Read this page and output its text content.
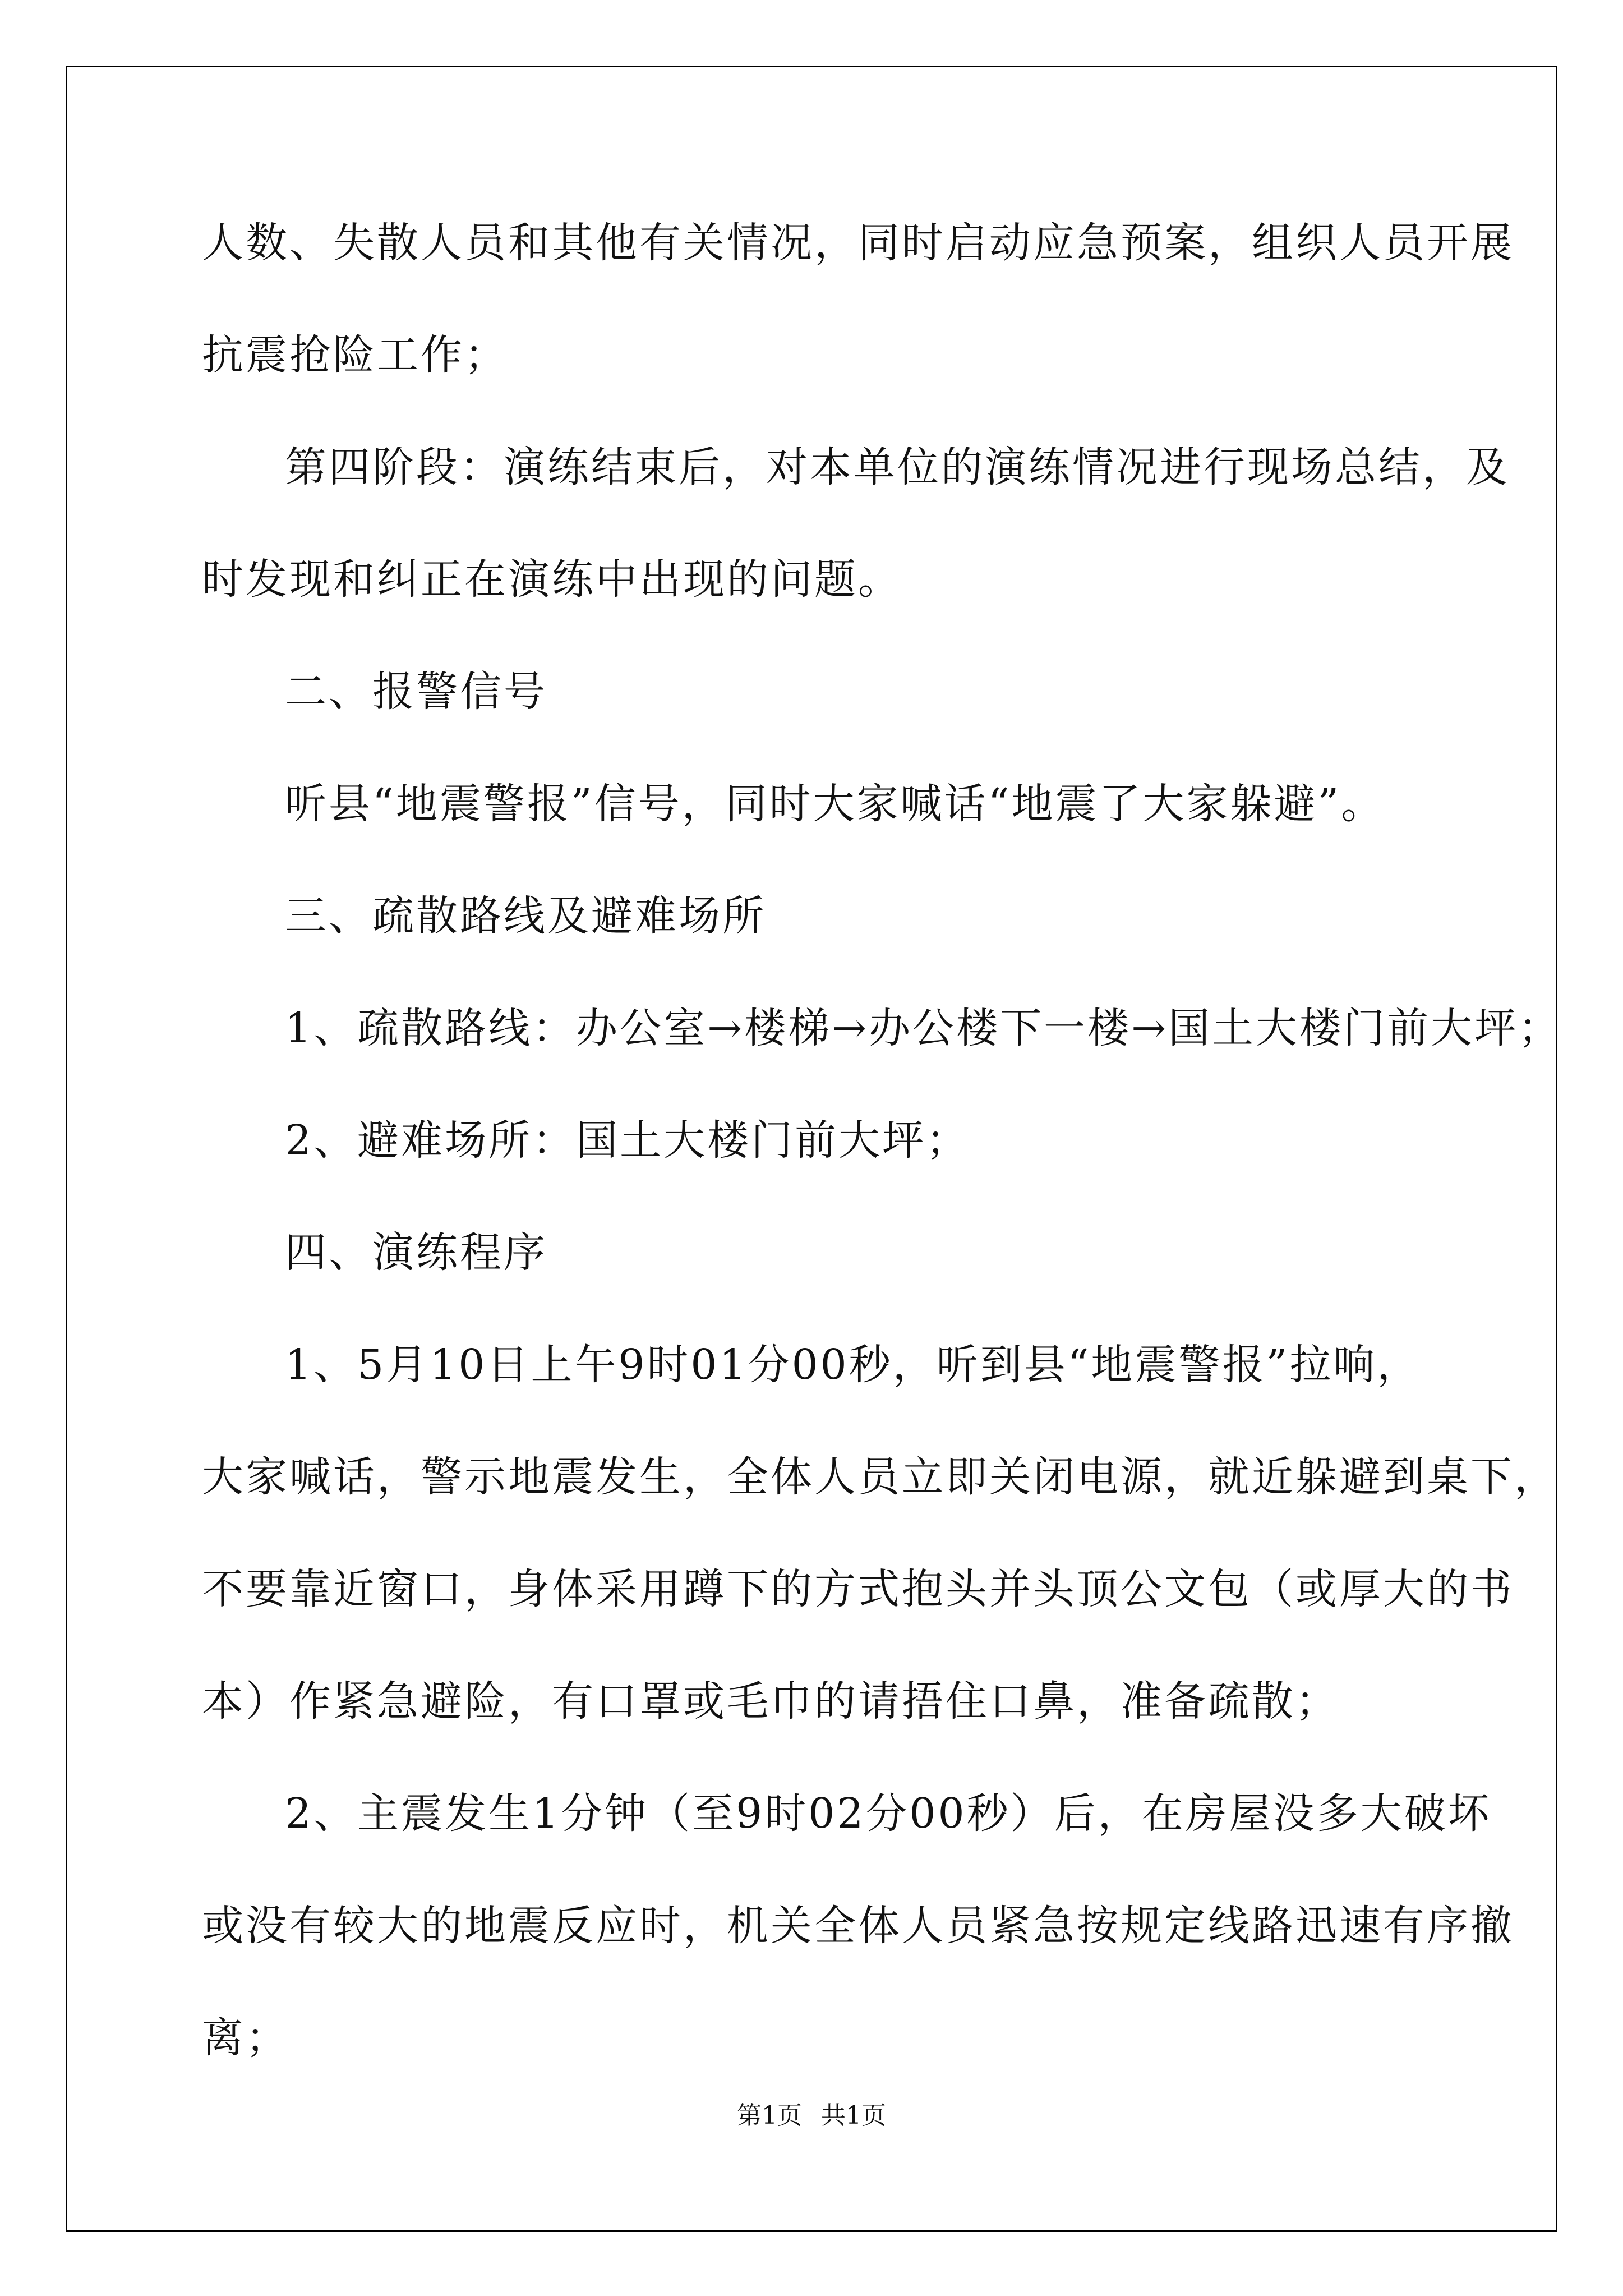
人数、失散人员和其他有关情况，同时启动应急预案，组织人员开展
抗震抢险工作；
第四阶段：演练结束后，对本单位的演练情况进行现场总结，及
时发现和纠正在演练中出现的问题。
二、报警信号
听县“地震警报”信号，同时大家喊话“地震了大家躲避”。
三、疏散路线及避难场所
1、疏散路线：办公室→楼梯→办公楼下一楼→国土大楼门前大坪；
2、避难场所：国土大楼门前大坪；
四、演练程序
1、5月10日上午9时01分00秒，听到县“地震警报”拉响，
大家喊话，警示地震发生，全体人员立即关闭电源，就近躲避到桌下，
不要靠近窗口，身体采用蹲下的方式抱头并头顶公文包（或厚大的书
本）作紧急避险，有口罩或毛巾的请捂住口鼻，准备疏散；
2、主震发生1分钟（至9时02分00秒）后，在房屋没多大破坏
或没有较大的地震反应时，机关全体人员紧急按规定线路迅速有序撤
离；
第1页 共1页
